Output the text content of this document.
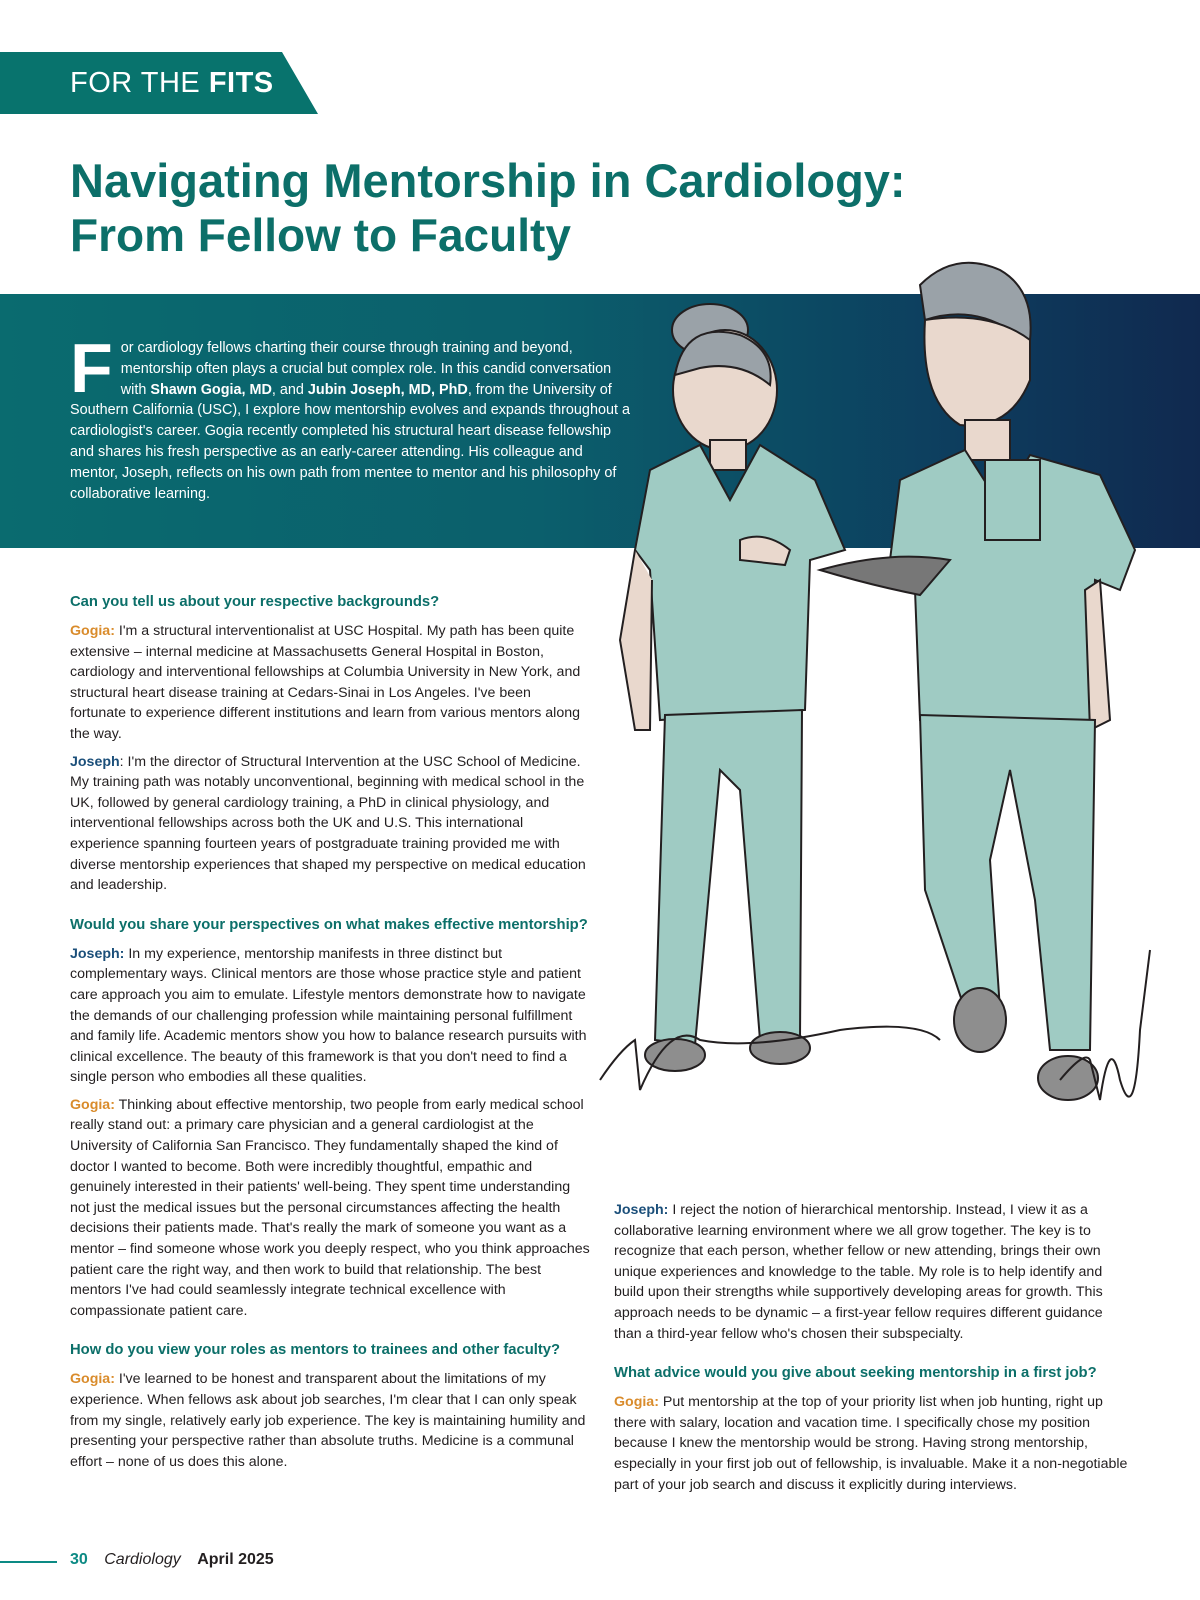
FOR THE FITS
Navigating Mentorship in Cardiology:
From Fellow to Faculty

For cardiology fellows charting their course through training and beyond, mentorship often plays a crucial but complex role. In this candid conversation with Shawn Gogia, MD, and Jubin Joseph, MD, PhD, from the University of Southern California (USC), I explore how mentorship evolves and expands throughout a cardiologist's career. Gogia recently completed his structural heart disease fellowship and shares his fresh perspective as an early-career attending. His colleague and mentor, Joseph, reflects on his own path from mentee to mentor and his philosophy of collaborative learning.

Can you tell us about your respective backgrounds?

Gogia: I'm a structural interventionalist at USC Hospital. My path has been quite extensive – internal medicine at Massachusetts General Hospital in Boston, cardiology and interventional fellowships at Columbia University in New York, and structural heart disease training at Cedars-Sinai in Los Angeles. I've been fortunate to experience different institutions and learn from various mentors along the way.

Joseph: I'm the director of Structural Intervention at the USC School of Medicine. My training path was notably unconventional, beginning with medical school in the UK, followed by general cardiology training, a PhD in clinical physiology, and interventional fellowships across both the UK and U.S. This international experience spanning fourteen years of postgraduate training provided me with diverse mentorship experiences that shaped my perspective on medical education and leadership.

Would you share your perspectives on what makes effective mentorship?

Joseph: In my experience, mentorship manifests in three distinct but complementary ways. Clinical mentors are those whose practice style and patient care approach you aim to emulate. Lifestyle mentors demonstrate how to navigate the demands of our challenging profession while maintaining personal fulfillment and family life. Academic mentors show you how to balance research pursuits with clinical excellence. The beauty of this framework is that you don't need to find a single person who embodies all these qualities.

Gogia: Thinking about effective mentorship, two people from early medical school really stand out: a primary care physician and a general cardiologist at the University of California San Francisco. They fundamentally shaped the kind of doctor I wanted to become. Both were incredibly thoughtful, empathic and genuinely interested in their patients' well-being. They spent time understanding not just the medical issues but the personal circumstances affecting the health decisions their patients made. That's really the mark of someone you want as a mentor – find someone whose work you deeply respect, who you think approaches patient care the right way, and then work to build that relationship. The best mentors I've had could seamlessly integrate technical excellence with compassionate patient care.

How do you view your roles as mentors to trainees and other faculty?

Gogia: I've learned to be honest and transparent about the limitations of my experience. When fellows ask about job searches, I'm clear that I can only speak from my single, relatively early job experience. The key is maintaining humility and presenting your perspective rather than absolute truths. Medicine is a communal effort – none of us does this alone.

Joseph: I reject the notion of hierarchical mentorship. Instead, I view it as a collaborative learning environment where we all grow together. The key is to recognize that each person, whether fellow or new attending, brings their own unique experiences and knowledge to the table. My role is to help identify and build upon their strengths while supportively developing areas for growth. This approach needs to be dynamic – a first-year fellow requires different guidance than a third-year fellow who's chosen their subspecialty.

What advice would you give about seeking mentorship in a first job?

Gogia: Put mentorship at the top of your priority list when job hunting, right up there with salary, location and vacation time. I specifically chose my position because I knew the mentorship would be strong. Having strong mentorship, especially in your first job out of fellowship, is invaluable. Make it a non-negotiable part of your job search and discuss it explicitly during interviews.

30 Cardiology April 2025
